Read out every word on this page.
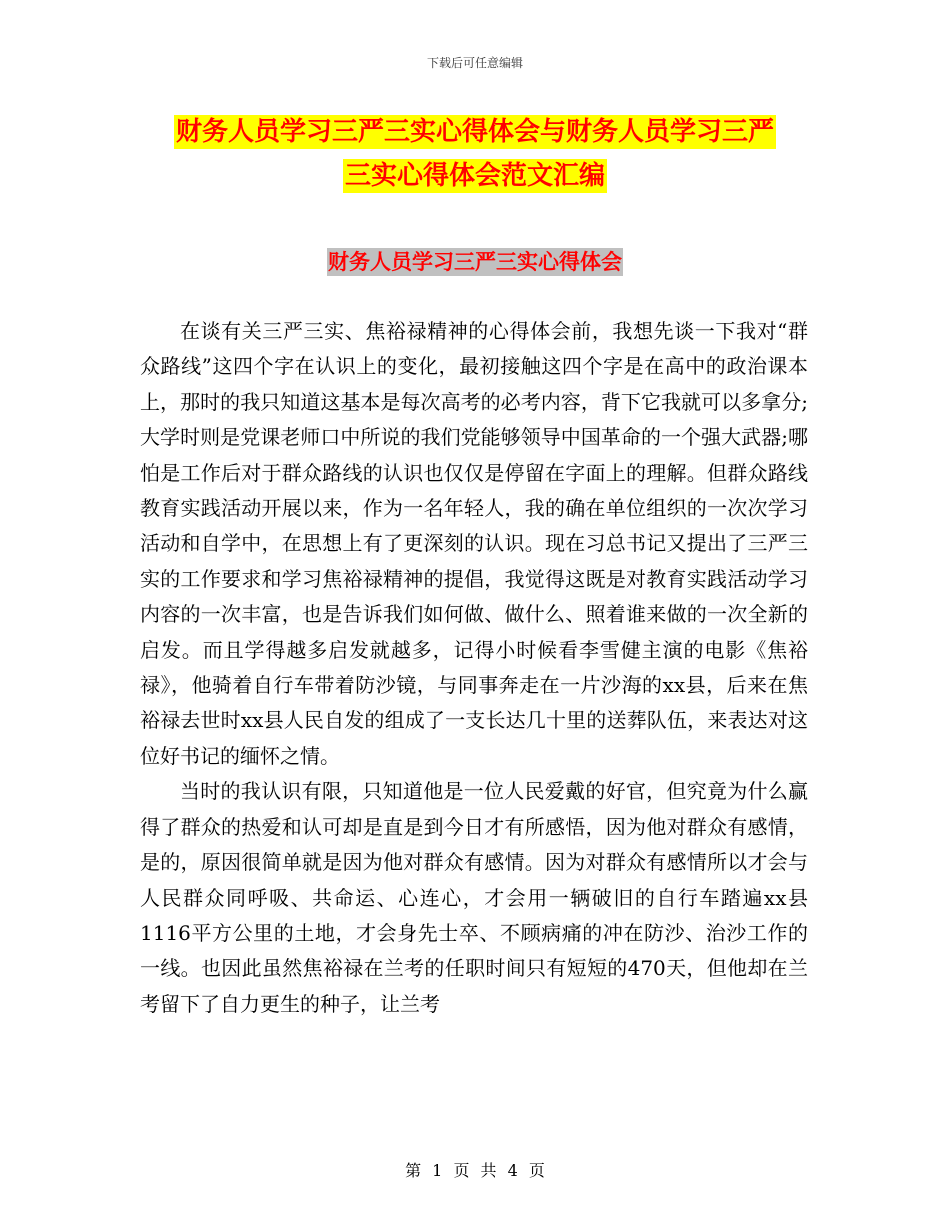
下载后可任意编辑
财务人员学习三严三实心得体会与财务人员学习三严
三实心得体会范文汇编
财务人员学习三严三实心得体会

在谈有关三严三实、焦裕禄精神的心得体会前，我想先谈一下我对“群众路线”这四个字在认识上的变化，最初接触这四个字是在高中的政治课本上，那时的我只知道这基本是每次高考的必考内容，背下它我就可以多拿分;大学时则是党课老师口中所说的我们党能够领导中国革命的一个强大武器;哪怕是工作后对于群众路线的认识也仅仅是停留在字面上的理解。但群众路线教育实践活动开展以来，作为一名年轻人，我的确在单位组织的一次次学习活动和自学中，在思想上有了更深刻的认识。现在习总书记又提出了三严三实的工作要求和学习焦裕禄精神的提倡，我觉得这既是对教育实践活动学习内容的一次丰富，也是告诉我们如何做、做什么、照着谁来做的一次全新的启发。而且学得越多启发就越多，记得小时候看李雪健主演的电影《焦裕禄》，他骑着自行车带着防沙镜，与同事奔走在一片沙海的xx县，后来在焦裕禄去世时xx县人民自发的组成了一支长达几十里的送葬队伍，来表达对这位好书记的缅怀之情。

当时的我认识有限，只知道他是一位人民爱戴的好官，但究竟为什么赢得了群众的热爱和认可却是直是到今日才有所感悟，因为他对群众有感情，是的，原因很简单就是因为他对群众有感情。因为对群众有感情所以才会与人民群众同呼吸、共命运、心连心，才会用一辆破旧的自行车踏遍xx县1116平方公里的土地，才会身先士卒、不顾病痛的冲在防沙、治沙工作的一线。也因此虽然焦裕禄在兰考的任职时间只有短短的470天，但他却在兰考留下了自力更生的种子，让兰考

第 1 页 共 4 页
